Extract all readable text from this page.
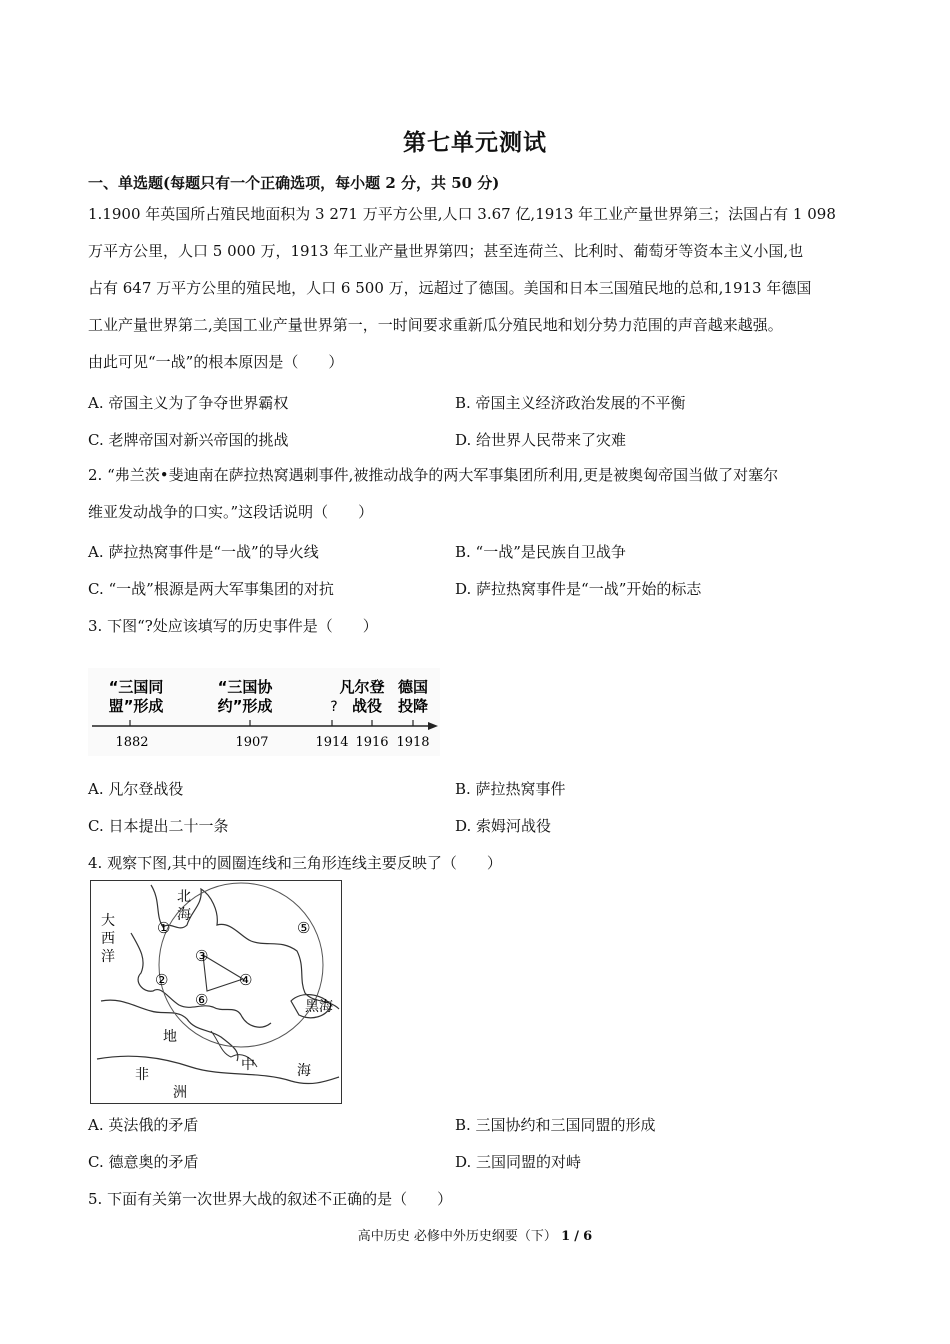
第七单元测试
一、单选题(每题只有一个正确选项，每小题 2 分，共 50 分)
1.1900 年英国所占殖民地面积为 3 271 万平方公里,人口 3.67 亿,1913 年工业产量世界第三；法国占有 1 098
万平方公里，人口 5 000 万，1913 年工业产量世界第四；甚至连荷兰、比利时、葡萄牙等资本主义小国,也
占有 647 万平方公里的殖民地，人口 6 500 万，远超过了德国。美国和日本三国殖民地的总和,1913 年德国
工业产量世界第二,美国工业产量世界第一，一时间要求重新瓜分殖民地和划分势力范围的声音越来越强。
由此可见“一战”的根本原因是（　　）
A. 帝国主义为了争夺世界霸权	B. 帝国主义经济政治发展的不平衡
C. 老牌帝国对新兴帝国的挑战	D. 给世界人民带来了灾难
2. “弗兰茨•斐迪南在萨拉热窝遇刺事件,被推动战争的两大军事集团所利用,更是被奥匈帝国当做了对塞尔
维亚发动战争的口实。”这段话说明（　　）
A. 萨拉热窝事件是“一战”的导火线	B. “一战”是民族自卫战争
C. “一战”根源是两大军事集团的对抗	D. 萨拉热窝事件是“一战”开始的标志
3. 下图“?处应该填写的历史事件是（　　）
“三国同
盟”形成
“三国协
约”形成	?
凡尔登
战役
德国
投降
1882	1907	1914 1916 1918
A. 凡尔登战役	B. 萨拉热窝事件
C. 日本提出二十一条	D. 索姆河战役
4. 观察下图,其中的圆圈连线和三角形连线主要反映了（　　）
①
②
③
④
⑤
⑥
北
海
大
西
洋
黑海
地
中	海
非
洲
A. 英法俄的矛盾	B. 三国协约和三国同盟的形成
C. 德意奥的矛盾	D. 三国同盟的对峙
5. 下面有关第一次世界大战的叙述不正确的是（　　）
高中历史 必修中外历史纲要（下） 1 / 6
